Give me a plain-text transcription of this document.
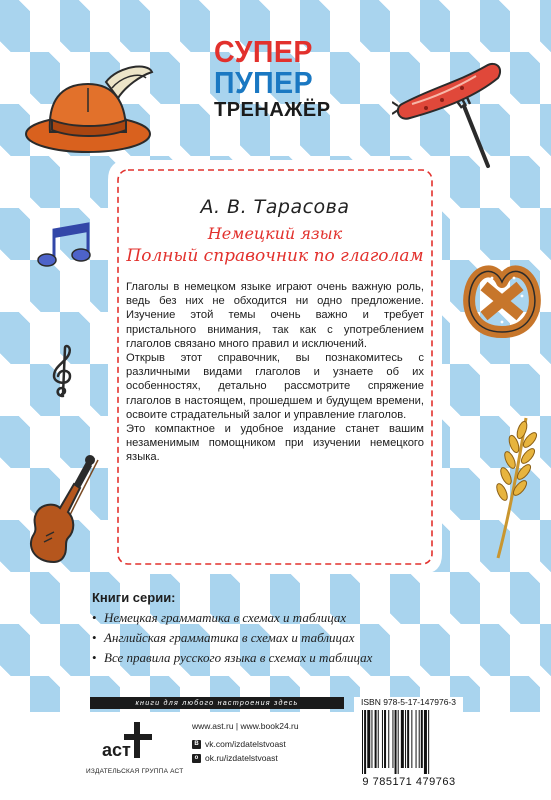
СУПЕР
ПУПЕР
ТРЕНАЖЁР
А. В. Тарасова
Немецкий язык
Полный справочник по глаголам

Глаголы в немецком языке играют очень важную роль, ведь без них не обходится ни одно предложение. Изучение этой темы очень важно и требует пристального внимания, так как с употреблением глаголов связано много правил и исключений.

Открыв этот справочник, вы познакомитесь с различными видами глаголов и узнаете об их особенностях, детально рассмотрите спряжение глаголов в настоящем, прошедшем и будущем времени, освоите страдательный залог и управление глаголов.

Это компактное и удобное издание станет вашим незаменимым помощником при изучении немецкого языка.

Книги серии:
• Немецкая грамматика в схемах и таблицах
• Английская грамматика в схемах и таблицах
• Все правила русского языка в схемах и таблицах
книги для любого настроения здесь
аст
ИЗДАТЕЛЬСКАЯ ГРУППА АСТ
www.ast.ru | www.book24.ru
В vk.com/izdatelstvoast
о ok.ru/izdatelstvoast
ISBN 978-5-17-147976-3
9 785171 479763
